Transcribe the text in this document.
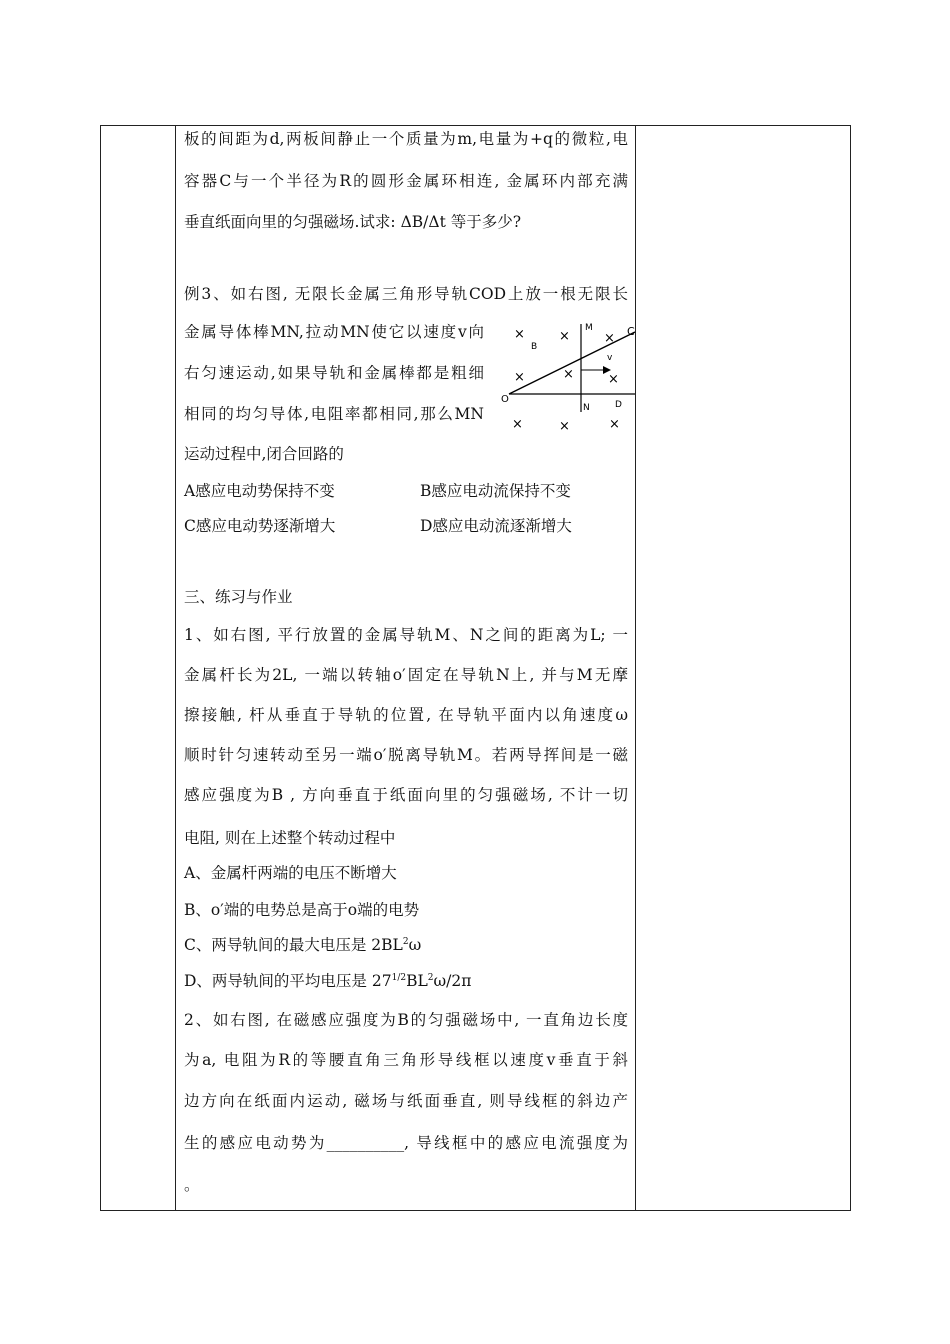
板的间距为d,两板间静止一个质量为m,电量为+q的微粒,电
容器C与一个半径为R的圆形金属环相连, 金属环内部充满
垂直纸面向里的匀强磁场.试求: ΔB/Δt 等于多少?
例3、如右图, 无限长金属三角形导轨COD上放一根无限长
金属导体棒MN,拉动MN使它以速度v向
右匀速运动,如果导轨和金属棒都是粗细
相同的均匀导体,电阻率都相同,那么MN
运动过程中,闭合回路的
M	C
B
v
O
N	D
×	×	×
×	×	×
×	×	×
A感应电动势保持不变	B感应电动流保持不变
C感应电动势逐渐增大	D感应电动流逐渐增大
三、练习与作业
1、如右图, 平行放置的金属导轨M、N之间的距离为L; 一
金属杆长为2L, 一端以转轴o′固定在导轨N上, 并与M无摩
擦接触, 杆从垂直于导轨的位置, 在导轨平面内以角速度ω
顺时针匀速转动至另一端o′脱离导轨M。若两导挥间是一磁
感应强度为B , 方向垂直于纸面向里的匀强磁场, 不计一切
电阻, 则在上述整个转动过程中
A、金属杆两端的电压不断增大
B、o′端的电势总是高于o端的电势
C、两导轨间的最大电压是 $2BL^2\omega$
D、两导轨间的平均电压是 $27^{1/2}BL^2\omega/2\pi$
2、如右图, 在磁感应强度为B的匀强磁场中, 一直角边长度
为a, 电阻为R的等腰直角三角形导线框以速度v垂直于斜
边方向在纸面内运动, 磁场与纸面垂直, 则导线框的斜边产
生的感应电动势为__________, 导线框中的感应电流强度为
。
